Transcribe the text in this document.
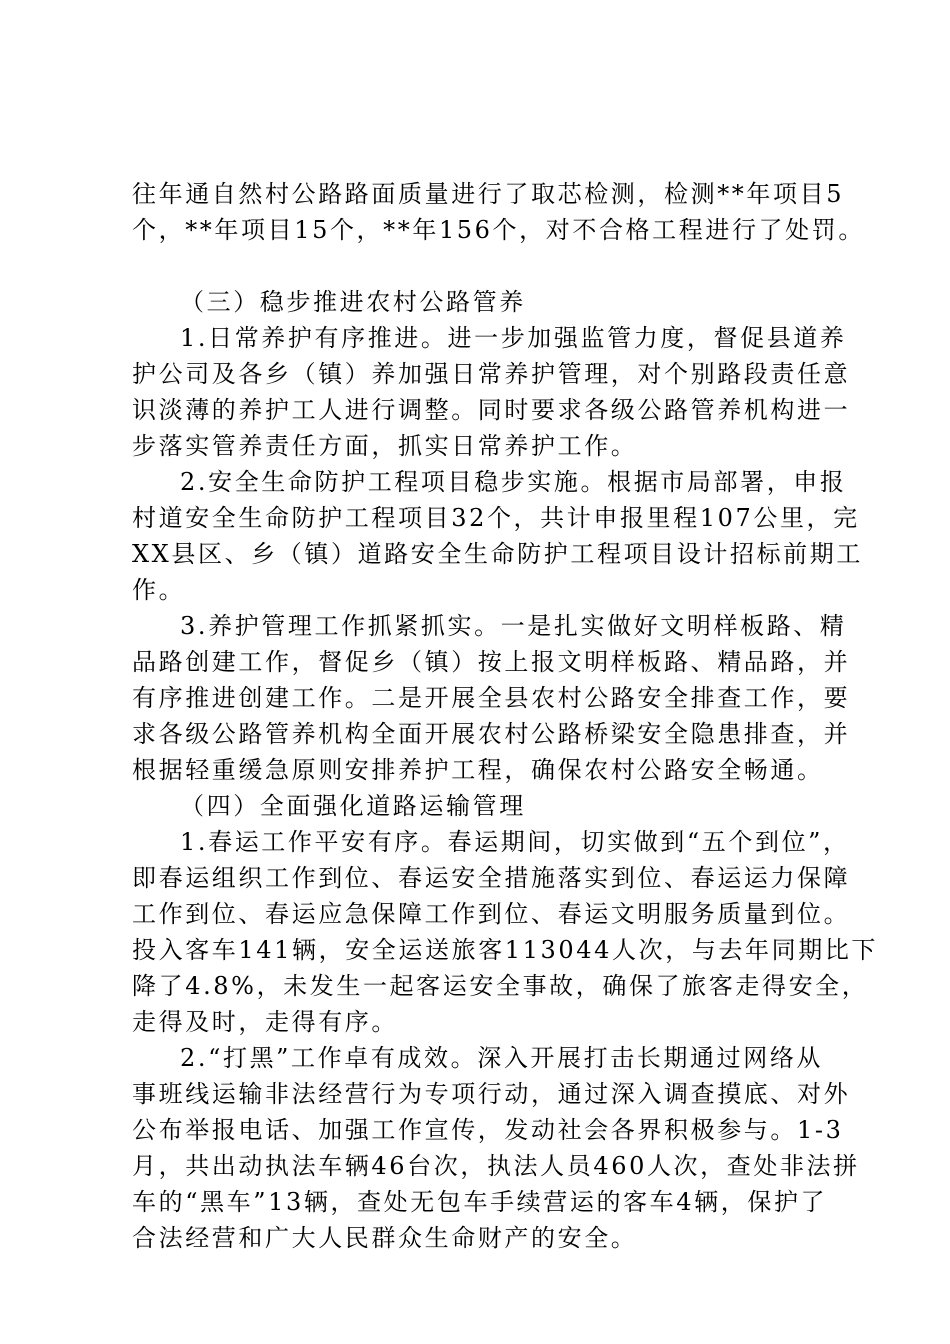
往年通自然村公路路面质量进行了取芯检测，检测**年项目5
个，**年项目15个，**年156个，对不合格工程进行了处罚。
（三）稳步推进农村公路管养
1.日常养护有序推进。进一步加强监管力度，督促县道养
护公司及各乡（镇）养加强日常养护管理，对个别路段责任意
识淡薄的养护工人进行调整。同时要求各级公路管养机构进一
步落实管养责任方面，抓实日常养护工作。
2.安全生命防护工程项目稳步实施。根据市局部署，申报
村道安全生命防护工程项目32个，共计申报里程107公里，完
XX县区、乡（镇）道路安全生命防护工程项目设计招标前期工
作。
3.养护管理工作抓紧抓实。一是扎实做好文明样板路、精
品路创建工作，督促乡（镇）按上报文明样板路、精品路，并
有序推进创建工作。二是开展全县农村公路安全排查工作，要
求各级公路管养机构全面开展农村公路桥梁安全隐患排查，并
根据轻重缓急原则安排养护工程，确保农村公路安全畅通。
（四）全面强化道路运输管理
1.春运工作平安有序。春运期间，切实做到“五个到位”，
即春运组织工作到位、春运安全措施落实到位、春运运力保障
工作到位、春运应急保障工作到位、春运文明服务质量到位。
投入客车141辆，安全运送旅客113044人次，与去年同期比下
降了4.8%，未发生一起客运安全事故，确保了旅客走得安全，
走得及时，走得有序。
2.“打黑”工作卓有成效。深入开展打击长期通过网络从
事班线运输非法经营行为专项行动，通过深入调查摸底、对外
公布举报电话、加强工作宣传，发动社会各界积极参与。1-3
月，共出动执法车辆46台次，执法人员460人次，查处非法拼
车的“黑车”13辆，查处无包车手续营运的客车4辆，保护了
合法经营和广大人民群众生命财产的安全。
